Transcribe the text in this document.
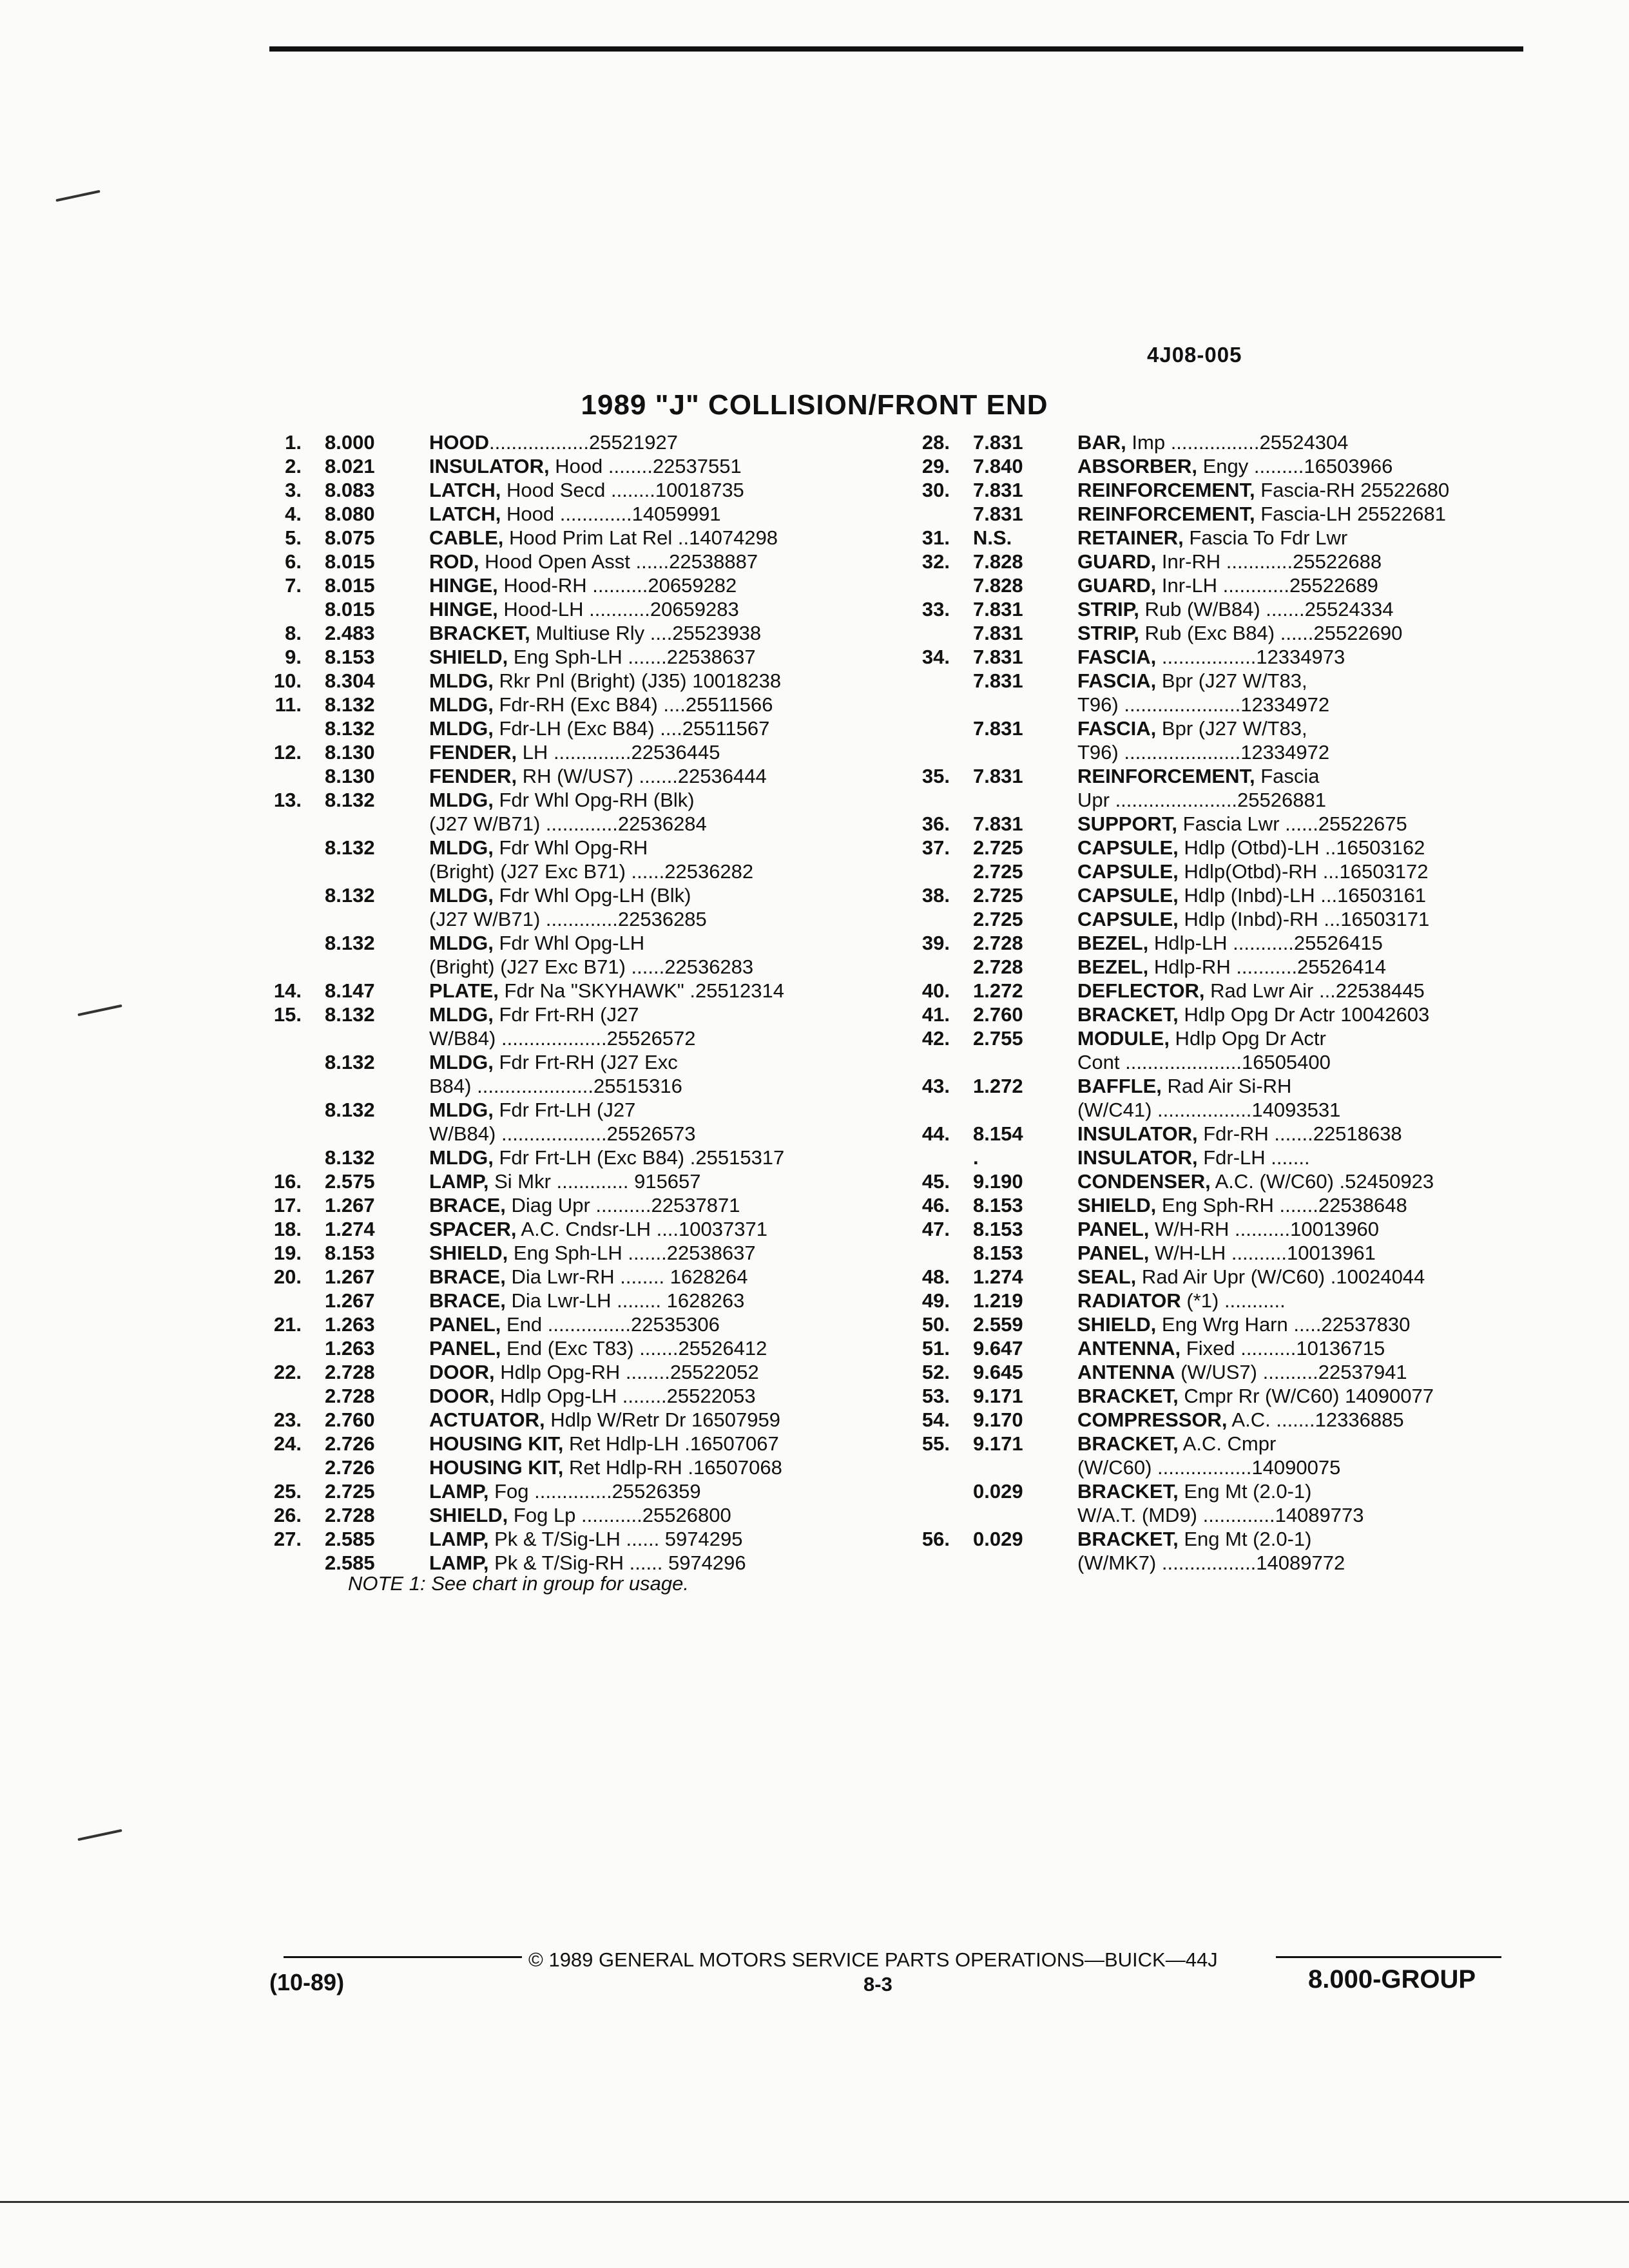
4J08-005
1989 "J" COLLISION/FRONT END
1. 8.000	HOOD..................25521927
2. 8.021	INSULATOR, Hood ........22537551
3. 8.083	LATCH, Hood Secd ........10018735
4. 8.080	LATCH, Hood .............14059991
5. 8.075	CABLE, Hood Prim Lat Rel ..14074298
6. 8.015	ROD, Hood Open Asst ......22538887
7. 8.015	HINGE, Hood-RH ..........20659282
8.015	HINGE, Hood-LH ...........20659283
8. 2.483	BRACKET, Multiuse Rly ....25523938
9. 8.153	SHIELD, Eng Sph-LH .......22538637
10. 8.304	MLDG, Rkr Pnl (Bright) (J35) 10018238
11. 8.132	MLDG, Fdr-RH (Exc B84) ....25511566
8.132	MLDG, Fdr-LH (Exc B84) ....25511567
12. 8.130	FENDER, LH ..............22536445
8.130	FENDER, RH (W/US7) .......22536444
13. 8.132	MLDG, Fdr Whl Opg-RH (Blk)
(J27 W/B71) .............22536284
8.132	MLDG, Fdr Whl Opg-RH
(Bright) (J27 Exc B71) ......22536282
8.132	MLDG, Fdr Whl Opg-LH (Blk)
(J27 W/B71) .............22536285
8.132	MLDG, Fdr Whl Opg-LH
(Bright) (J27 Exc B71) ......22536283
14. 8.147	PLATE, Fdr Na "SKYHAWK" .25512314
15. 8.132	MLDG, Fdr Frt-RH (J27
W/B84) ...................25526572
8.132	MLDG, Fdr Frt-RH (J27 Exc
B84) .....................25515316
8.132	MLDG, Fdr Frt-LH (J27
W/B84) ...................25526573
8.132	MLDG, Fdr Frt-LH (Exc B84) .25515317
16. 2.575	LAMP, Si Mkr ............. 915657
17. 1.267	BRACE, Diag Upr ..........22537871
18. 1.274	SPACER, A.C. Cndsr-LH ....10037371
19. 8.153	SHIELD, Eng Sph-LH .......22538637
20. 1.267	BRACE, Dia Lwr-RH ........ 1628264
1.267	BRACE, Dia Lwr-LH ........ 1628263
21. 1.263	PANEL, End ...............22535306
1.263	PANEL, End (Exc T83) .......25526412
22. 2.728	DOOR, Hdlp Opg-RH ........25522052
2.728	DOOR, Hdlp Opg-LH ........25522053
23. 2.760	ACTUATOR, Hdlp W/Retr Dr 16507959
24. 2.726	HOUSING KIT, Ret Hdlp-LH .16507067
2.726	HOUSING KIT, Ret Hdlp-RH .16507068
25. 2.725	LAMP, Fog ..............25526359
26. 2.728	SHIELD, Fog Lp ...........25526800
27. 2.585	LAMP, Pk & T/Sig-LH ...... 5974295
2.585	LAMP, Pk & T/Sig-RH ...... 5974296
28. 7.831	BAR, Imp ................25524304
29. 7.840	ABSORBER, Engy .........16503966
30. 7.831	REINFORCEMENT, Fascia-RH 25522680
7.831	REINFORCEMENT, Fascia-LH 25522681
31. N.S.	RETAINER, Fascia To Fdr Lwr
32. 7.828	GUARD, Inr-RH ............25522688
7.828	GUARD, Inr-LH ............25522689
33. 7.831	STRIP, Rub (W/B84) .......25524334
7.831	STRIP, Rub (Exc B84) ......25522690
34. 7.831	FASCIA, .................12334973
7.831	FASCIA, Bpr (J27 W/T83,
T96) .....................12334972
7.831	FASCIA, Bpr (J27 W/T83,
T96) .....................12334972
35. 7.831	REINFORCEMENT, Fascia
Upr ......................25526881
36. 7.831	SUPPORT, Fascia Lwr ......25522675
37. 2.725	CAPSULE, Hdlp (Otbd)-LH ..16503162
2.725	CAPSULE, Hdlp(Otbd)-RH ...16503172
38. 2.725	CAPSULE, Hdlp (Inbd)-LH ...16503161
2.725	CAPSULE, Hdlp (Inbd)-RH ...16503171
39. 2.728	BEZEL, Hdlp-LH ...........25526415
2.728	BEZEL, Hdlp-RH ...........25526414
40. 1.272	DEFLECTOR, Rad Lwr Air ...22538445
41. 2.760	BRACKET, Hdlp Opg Dr Actr 10042603
42. 2.755	MODULE, Hdlp Opg Dr Actr
Cont .....................16505400
43. 1.272	BAFFLE, Rad Air Si-RH
(W/C41) .................14093531
44. 8.154	INSULATOR, Fdr-RH .......22518638
.	INSULATOR, Fdr-LH .......
45. 9.190	CONDENSER, A.C. (W/C60) .52450923
46. 8.153	SHIELD, Eng Sph-RH .......22538648
47. 8.153	PANEL, W/H-RH ..........10013960
8.153	PANEL, W/H-LH ..........10013961
48. 1.274	SEAL, Rad Air Upr (W/C60) .10024044
49. 1.219	RADIATOR (*1) ...........
50. 2.559	SHIELD, Eng Wrg Harn .....22537830
51. 9.647	ANTENNA, Fixed ..........10136715
52. 9.645	ANTENNA (W/US7) ..........22537941
53. 9.171	BRACKET, Cmpr Rr (W/C60) 14090077
54. 9.170	COMPRESSOR, A.C. .......12336885
55. 9.171	BRACKET, A.C. Cmpr
(W/C60) .................14090075
0.029	BRACKET, Eng Mt (2.0-1)
W/A.T. (MD9) .............14089773
56. 0.029	BRACKET, Eng Mt (2.0-1)
(W/MK7) .................14089772
NOTE 1: See chart in group for usage.
© 1989 GENERAL MOTORS SERVICE PARTS OPERATIONS—BUICK—44J
(10-89)	8-3	8.000-GROUP
